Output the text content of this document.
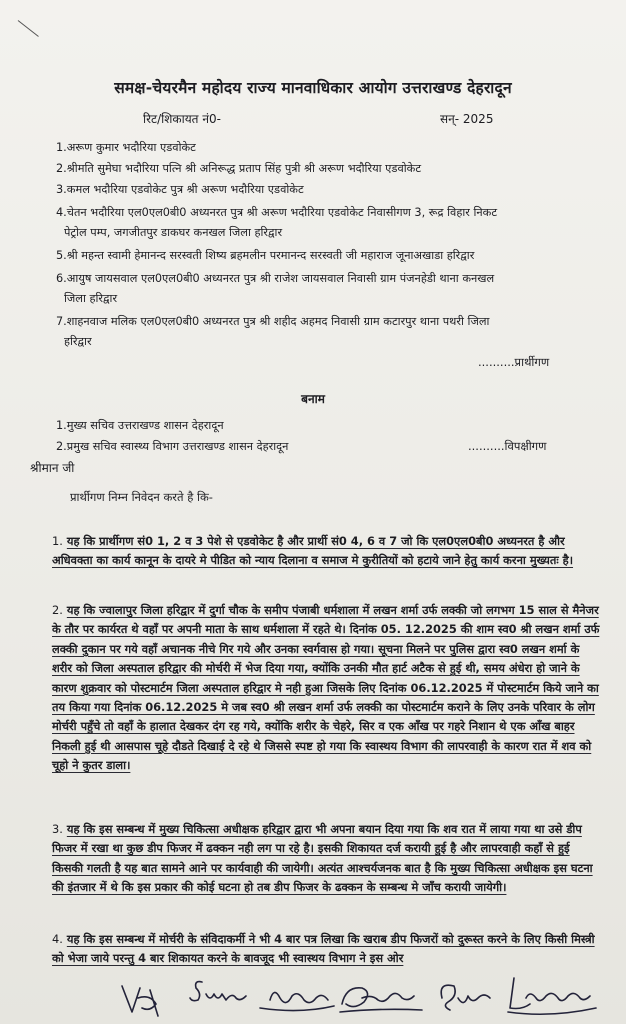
समक्ष-चेयरमैन महोदय राज्य मानवाधिकार आयोग उत्तराखण्ड देहरादून
रिट/शिकायत नं0-	सन्- 2025
1.अरूण कुमार भदौरिया एडवोकेट
2.श्रीमति सुमेघा भदौरिया पत्नि श्री अनिरूद्ध प्रताप सिंह पुत्री श्री अरूण भदौरिया एडवोकेट
3.कमल भदौरिया एडवोकेट पुत्र श्री अरूण भदौरिया एडवोकेट
4.चेतन भदौरिया एल0एल0बी0 अध्यनरत पुत्र श्री अरूण भदौरिया एडवोकेट निवासीगण 3, रूद्र विहार निकट
पेट्रोल पम्प, जगजीतपुर डाकघर कनखल जिला हरिद्वार
5.श्री महन्त स्वामी हेमानन्द सरस्वती शिष्य ब्रहमलीन परमानन्द सरस्वती जी महाराज जूनाअखाडा हरिद्वार
6.आयुष जायसवाल एल0एल0बी0 अध्यनरत पुत्र श्री राजेश जायसवाल निवासी ग्राम पंजनहेडी थाना कनखल
जिला हरिद्वार
7.शाहनवाज मलिक एल0एल0बी0 अध्यनरत पुत्र श्री शहीद अहमद निवासी ग्राम कटारपुर थाना पथरी जिला
हरिद्वार
..........प्रार्थीगण
बनाम
1.मुख्य सचिव उत्तराखण्ड शासन देहरादून
2.प्रमुख सचिव स्वास्थ्य विभाग उत्तराखण्ड शासन देहरादून	..........विपक्षीगण
श्रीमान जी
प्रार्थीगण निम्न निवेदन करते है कि-
1. यह कि प्रार्थीगण सं0 1, 2 व 3 पेशे से एडवोकेट है और प्रार्थी सं0 4, 6 व 7 जो कि एल0एल0बी0 अध्यनरत है और अधिवक्ता का कार्य कानून के दायरे मे पीडित को न्याय दिलाना व समाज मे कुरीतियों को हटाये जाने हेतु कार्य करना मुख्यतः है।
2. यह कि ज्वालापुर जिला हरिद्वार में दुर्गा चौक के समीप पंजाबी धर्मशाला में लखन शर्मा उर्फ लक्की जो लगभग 15 साल से मैनेजर के तौर पर कार्यरत थे वहाँ पर अपनी माता के साथ धर्मशाला में रहते थे। दिनांक 05. 12.2025 की शाम स्व0 श्री लखन शर्मा उर्फ लक्की दुकान पर गये वहाँ अचानक नीचे गिर गये और उनका स्वर्गवास हो गया। सूचना मिलने पर पुलिस द्वारा स्व0 लखन शर्मा के शरीर को जिला अस्पताल हरिद्वार की मोर्चरी में भेज दिया गया, क्योंकि उनकी मौत हार्ट अटैक से हुई थी, समय अंधेरा हो जाने के कारण शुक्रवार को पोस्टमार्टम जिला अस्पताल हरिद्वार मे नही हुआ जिसके लिए दिनांक 06.12.2025 में पोस्टमार्टम किये जाने का तय किया गया दिनांक 06.12.2025 मे जब स्व0 श्री लखन शर्मा उर्फ लक्की का पोस्टमार्टम कराने के लिए उनके परिवार के लोग मोर्चरी पहुँचे तो वहाँ के हालात देखकर दंग रह गये, क्योंकि शरीर के चेहरे, सिर व एक आँख पर गहरे निशान थे एक आँख बाहर निकली हुई थी आसपास चूहे दौडते दिखाई दे रहे थे जिससे स्पष्ट हो गया कि स्वास्थय विभाग की लापरवाही के कारण रात में शव को चूहो ने कुतर डाला।
3. यह कि इस सम्बन्ध में मुख्य चिकित्सा अधीक्षक हरिद्वार द्वारा भी अपना बयान दिया गया कि शव रात में लाया गया था उसे डीप फिजर में रखा था कुछ डीप फिजर में ढक्कन नही लग पा रहे है। इसकी शिकायत दर्ज करायी हुई है और लापरवाही कहाँ से हुई किसकी गलती है यह बात सामने आने पर कार्यवाही की जायेगी। अत्यंत आश्चर्यजनक बात है कि मुख्य चिकित्सा अधीक्षक इस घटना की इंतजार में थे कि इस प्रकार की कोई घटना हो तब डीप फिजर के ढक्कन के सम्बन्ध मे जाँच करायी जायेगी।
4. यह कि इस सम्बन्ध में मोर्चरी के संविदाकर्मी ने भी 4 बार पत्र लिखा कि खराब डीप फिजरों को दुरूस्त करने के लिए किसी मिस्त्री को भेजा जाये परन्तु 4 बार शिकायत करने के बावजूद भी स्वास्थय विभाग ने इस ओर
